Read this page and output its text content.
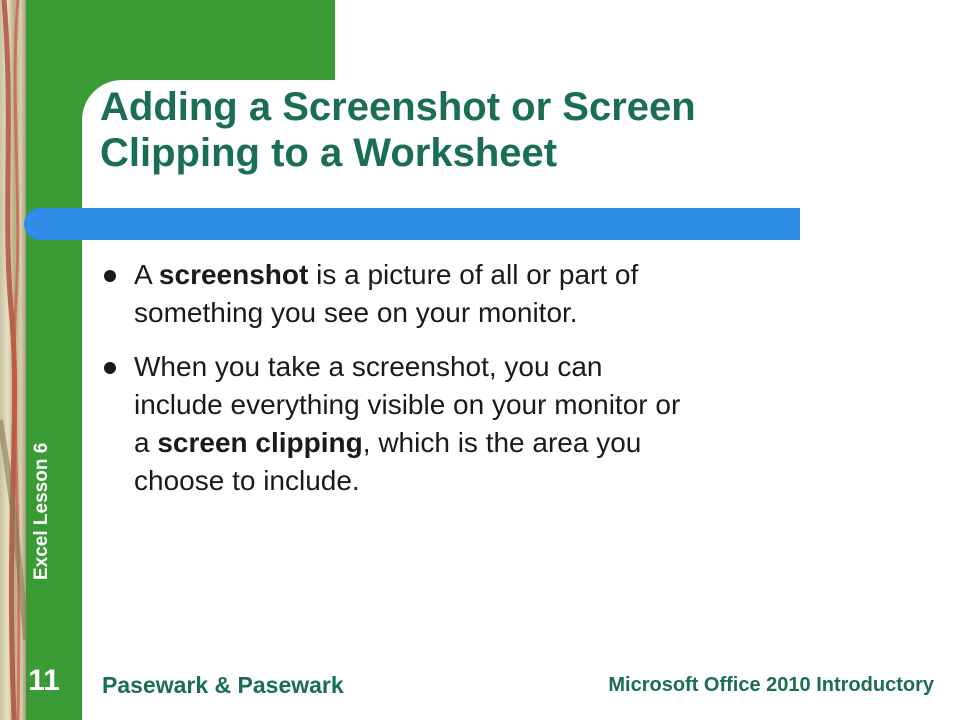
Excel Lesson 6
11
Adding a Screenshot or Screen
Clipping to a Worksheet
A screenshot is a picture of all or part of
something you see on your monitor.
When you take a screenshot, you can
include everything visible on your monitor or
a screen clipping, which is the area you
choose to include.
Pasewark & Pasewark	Microsoft Office 2010 Introductory
